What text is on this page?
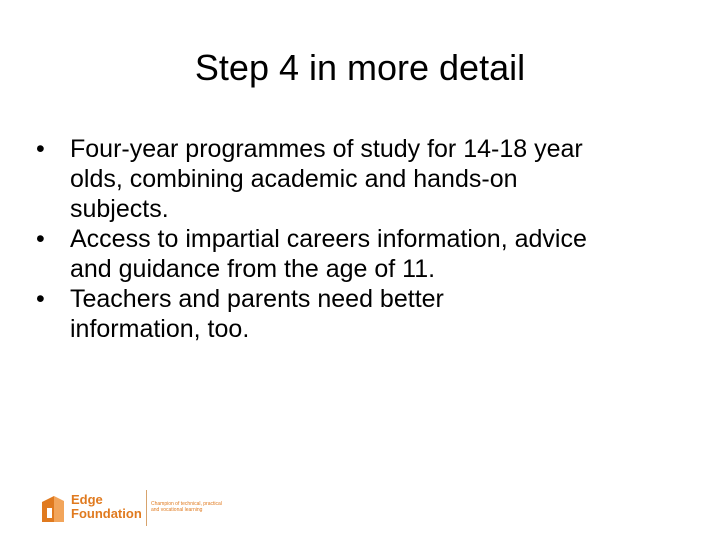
Step 4 in more detail
•	Four-year programmes of study for 14-18 year
olds, combining academic and hands-on
subjects.
•	Access to impartial careers information, advice
and guidance from the age of 11.
•	Teachers and parents need better
information, too.
Edge
Foundation
Champion of technical, practical
and vocational learning
